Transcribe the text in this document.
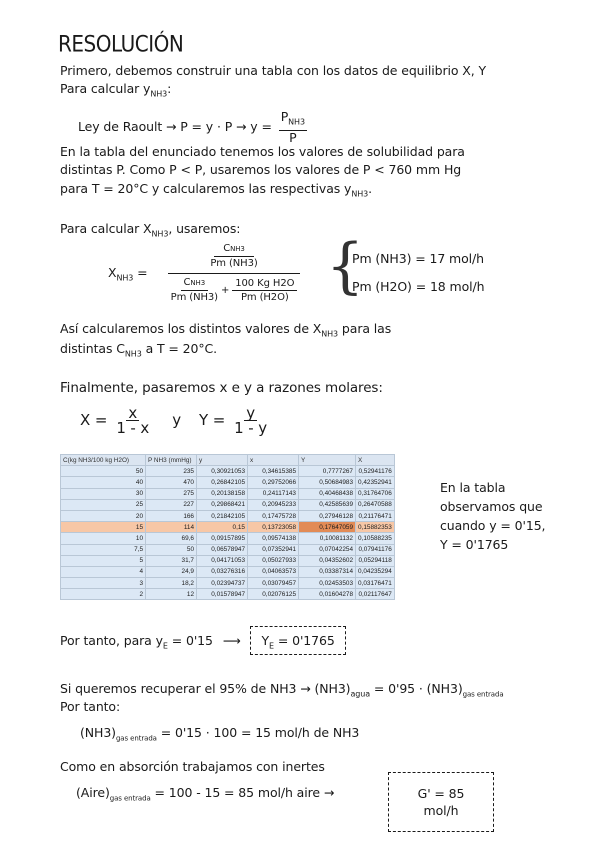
RESOLUCIÓN
Primero, debemos construir una tabla con los datos de equilibrio X, Y
Para calcular $y_{NH3}$:
Ley de Raoult → $P = y \cdot P \to y = \frac{P_{NH3}}{P}$
En la tabla del enunciado tenemos los valores de solubilidad para
distintas P. Como P < P, usaremos los valores de P < 760 mm Hg
para T = 20°C y calcularemos las respectivas $y_{NH3}$.
Para calcular $X_{NH3}$, usaremos:
$X_{NH3}$ =
CNH3
Pm (NH3)
CNH3
Pm (NH3)
+ $\frac{\text{100 Kg H2O}}{Pm (H2O)}$ {
Pm (NH3) = 17 mol/h
Pm (H2O) = 18 mol/h
Así calcularemos los distintos valores de $X_{NH3}$ para las
distintas $C_{NH3}$ a T = 20°C.
Finalmente, pasaremos x e y a razones molares:
$X = \frac{x}{1 - x}$ y $Y = \frac{y}{1 - y}$
C(kg NH3/100 kg H2O)	P NH3 (mmHg)	y	x	Y	X
50	235	0,30921053	0,34615385	0,7777267	0,52941176
40	470	0,26842105	0,29752066	0,50684983	0,42352941
30	275	0,20138158	0,24117143	0,40468438	0,31764706
25	227	0,29868421	0,20945233	0,42585639	0,26470588
20	166	0,21842105	0,17475728	0,27946128	0,21176471
15	114	0,15	0,13723058	0,17647059	0,15882353
10	69,6	0,09157895	0,09574138	0,10081132	0,10588235
7,5	50	0,06578947	0,07352941	0,07042254	0,07941176
5	31,7	0,04171053	0,05027933	0,04352602	0,05294118
4	24,9	0,03276316	0,04063573	0,03387314	0,04235294
3	18,2	0,02394737	0,03079457	0,02453503	0,03176471
2	12	0,01578947	0,02076125	0,01604278	0,02117647
En la tabla
observamos que
cuando y = 0'15,
Y = 0'1765
Por tanto, para $y_E = 0'15$ ⟶ $Y_E = 0'1765$
Si queremos recuperar el 95% de $NH3 \to (NH3)_{agua} = 0'95 \cdot (NH3)_{gas entrada}$
Por tanto:
$(NH3)_{gas entrada} = 0'15 \cdot 100 = 15$ mol/h de NH3
Como en absorción trabajamos con inertes
$(Aire)_{gas entrada} = 100 - 15 = 85$ mol/h aire →	G' = 85 mol/h
